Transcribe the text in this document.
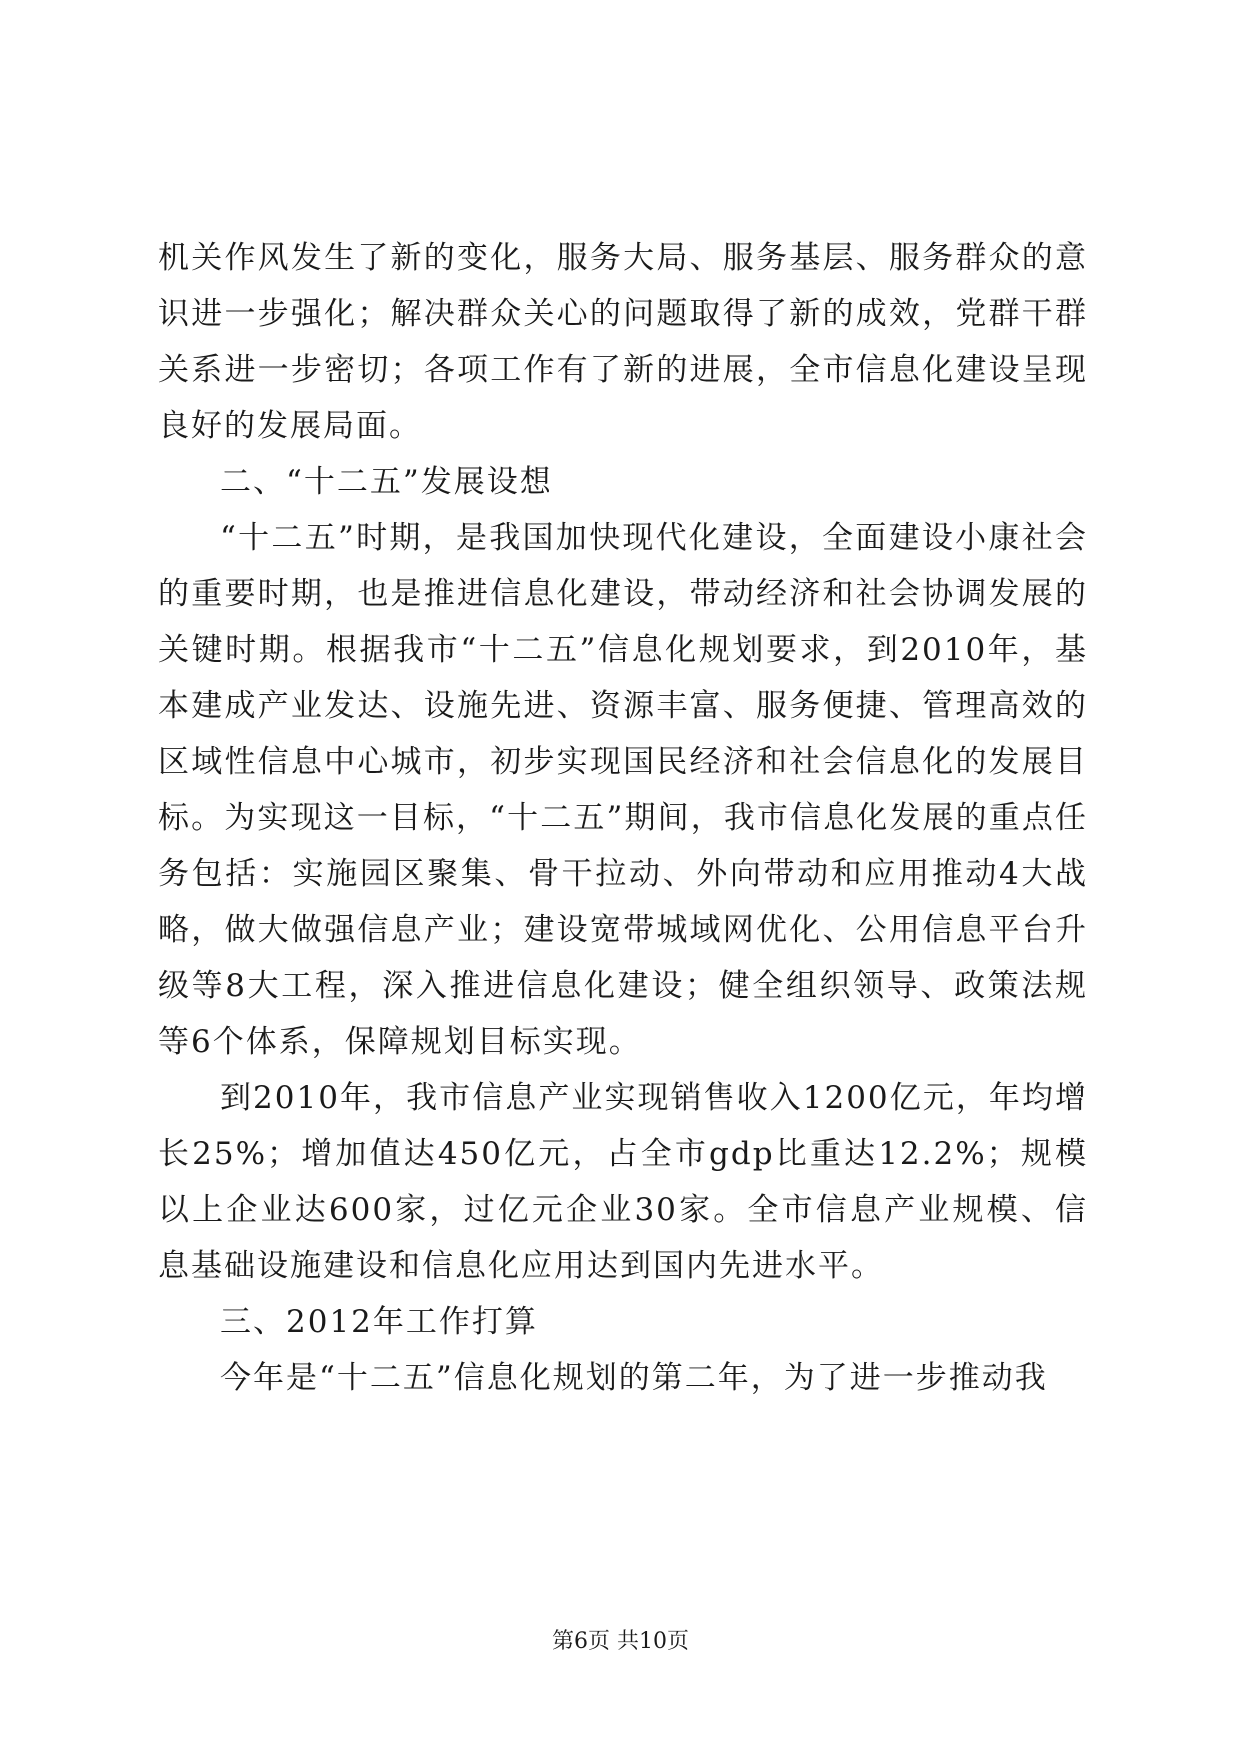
机关作风发生了新的变化，服务大局、服务基层、服务群众的意识进一步强化；解决群众关心的问题取得了新的成效，党群干群关系进一步密切；各项工作有了新的进展，全市信息化建设呈现良好的发展局面。

二、“十二五”发展设想

“十二五”时期，是我国加快现代化建设，全面建设小康社会的重要时期，也是推进信息化建设，带动经济和社会协调发展的关键时期。根据我市“十二五”信息化规划要求，到2010年，基本建成产业发达、设施先进、资源丰富、服务便捷、管理高效的区域性信息中心城市，初步实现国民经济和社会信息化的发展目标。为实现这一目标，“十二五”期间，我市信息化发展的重点任务包括：实施园区聚集、骨干拉动、外向带动和应用推动4大战略，做大做强信息产业；建设宽带城域网优化、公用信息平台升级等8大工程，深入推进信息化建设；健全组织领导、政策法规等6个体系，保障规划目标实现。

到2010年，我市信息产业实现销售收入1200亿元，年均增长25%；增加值达450亿元，占全市gdp比重达12.2%；规模以上企业达600家，过亿元企业30家。全市信息产业规模、信息基础设施建设和信息化应用达到国内先进水平。

三、2012年工作打算

今年是“十二五”信息化规划的第二年，为了进一步推动我

第6页 共10页
